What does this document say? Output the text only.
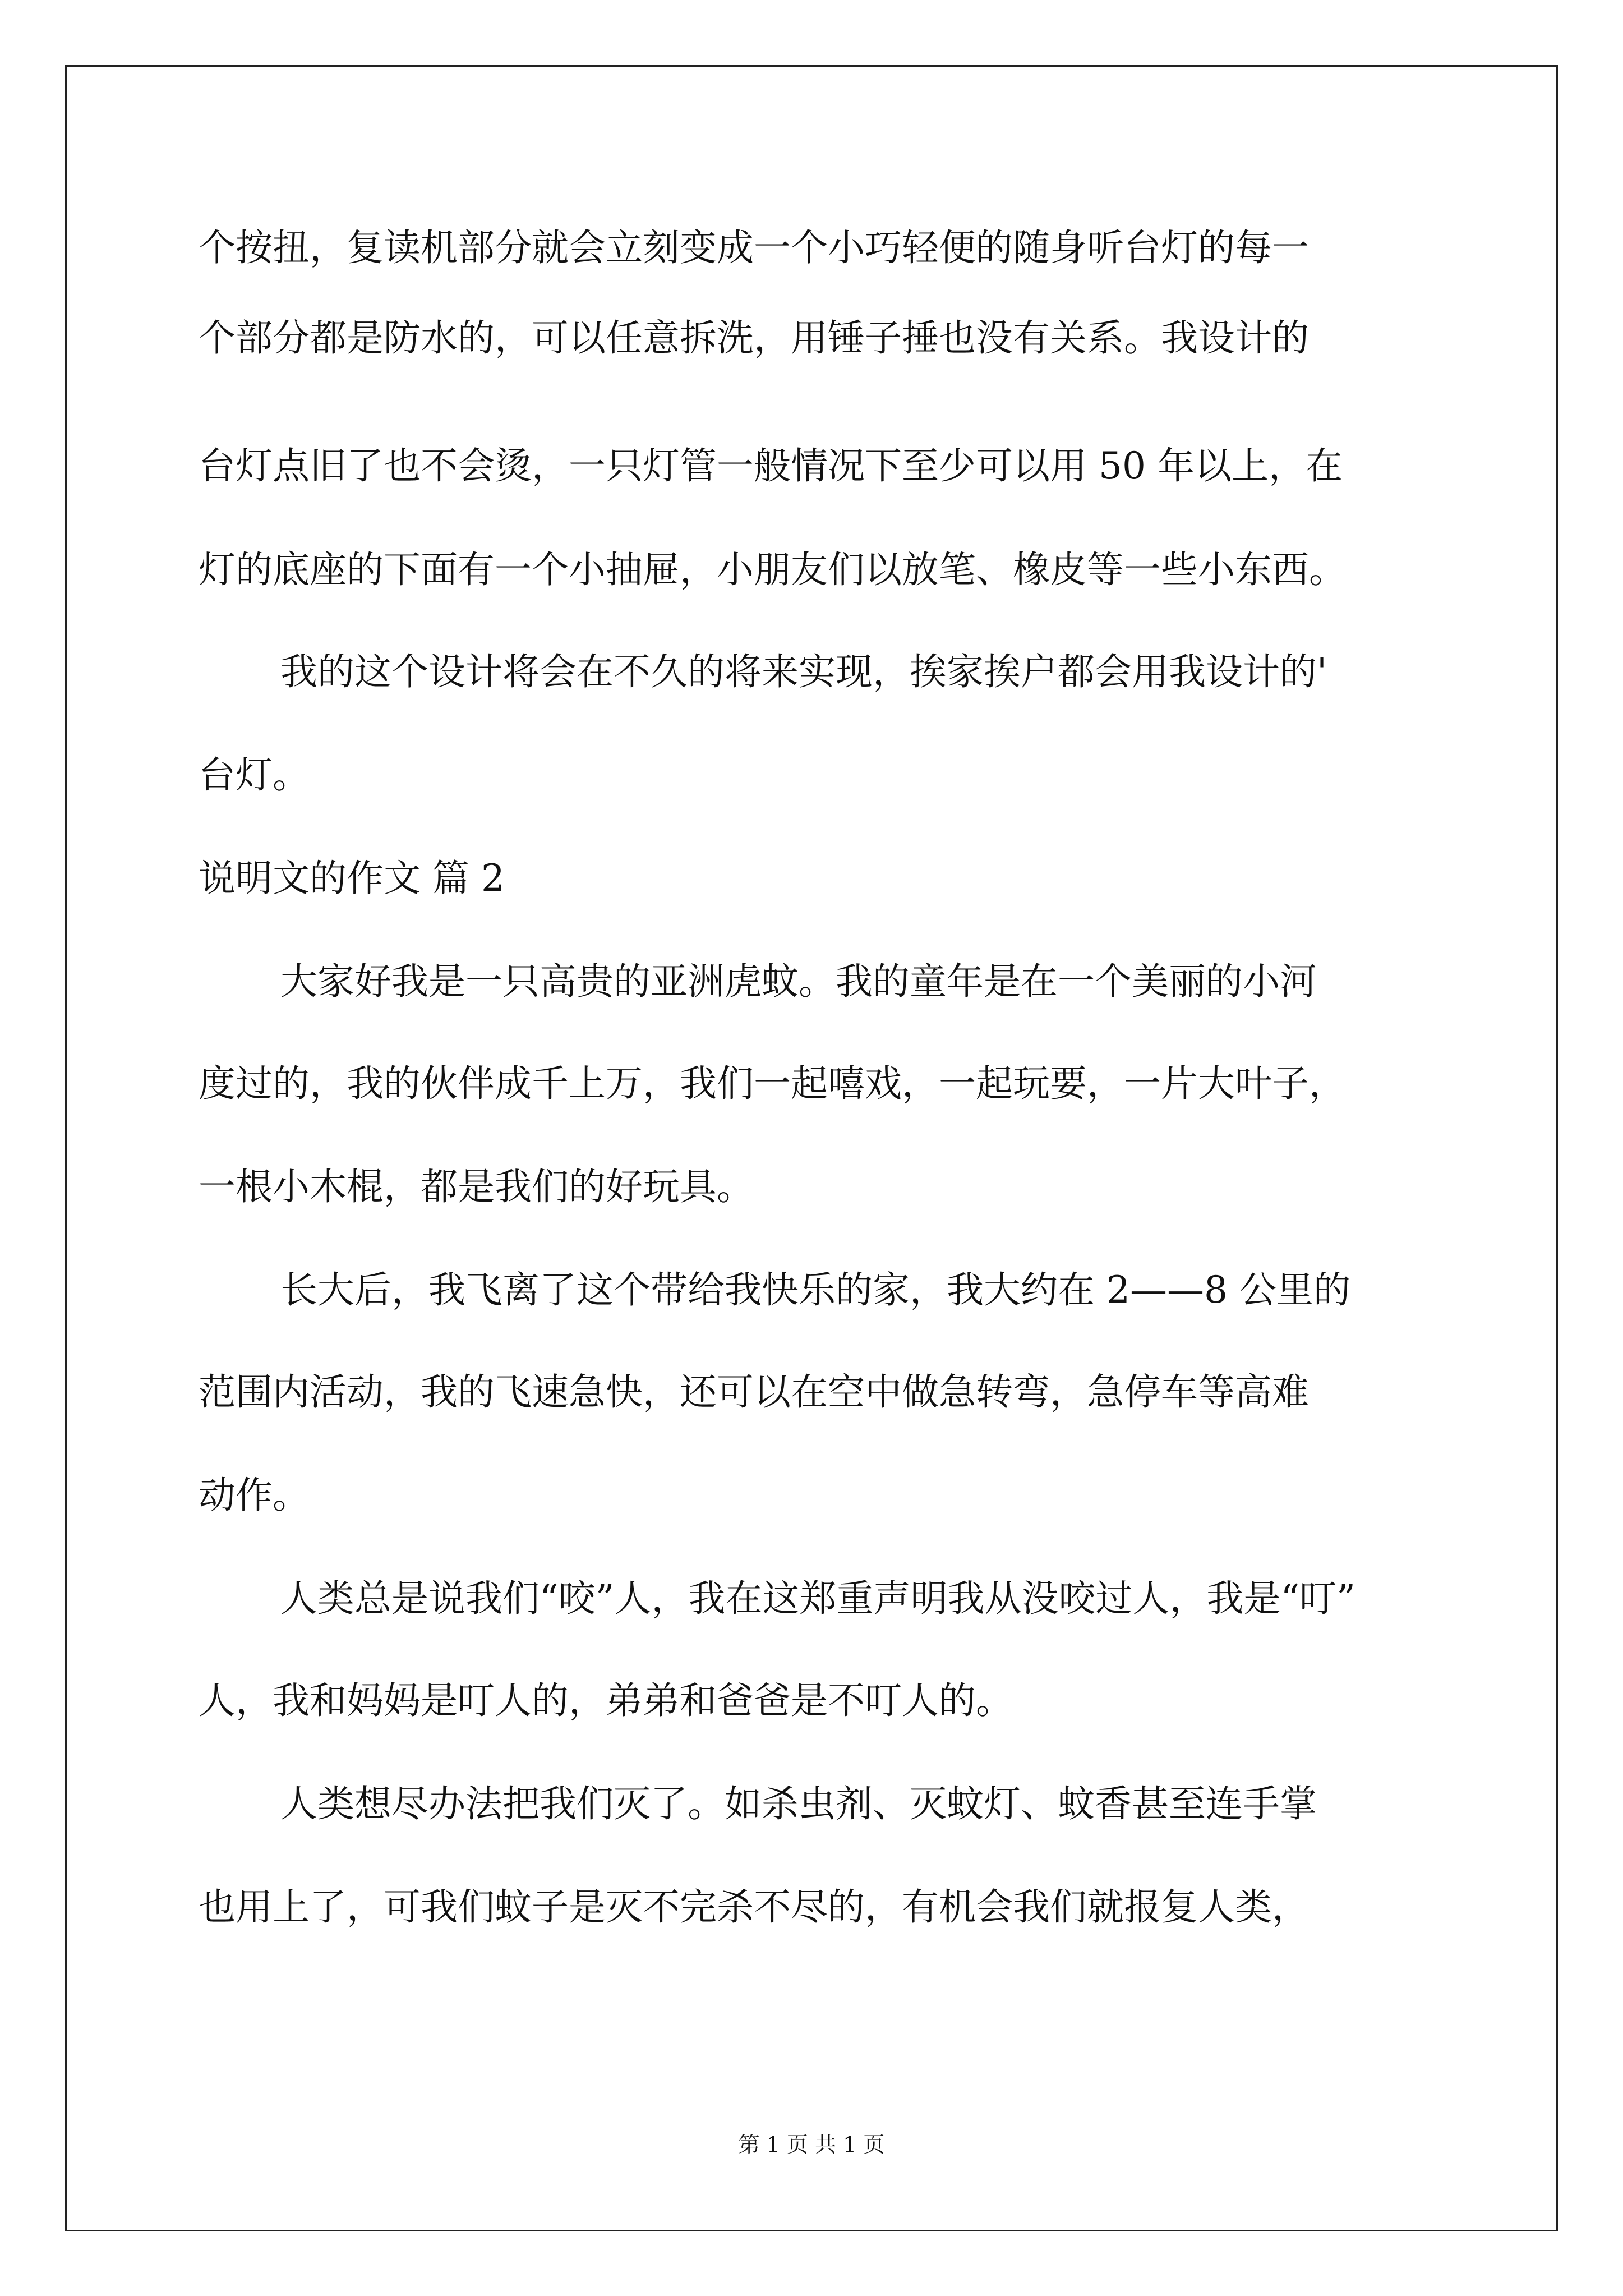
个按扭，复读机部分就会立刻变成一个小巧轻便的随身听台灯的每一
个部分都是防水的，可以任意拆洗，用锤子捶也没有关系。我设计的
台灯点旧了也不会烫，一只灯管一般情况下至少可以用 50 年以上，在
灯的底座的下面有一个小抽屉，小朋友们以放笔、橡皮等一些小东西。
我的这个设计将会在不久的将来实现，挨家挨户都会用我设计的'
台灯。
说明文的作文 篇 2
大家好我是一只高贵的亚洲虎蚊。我的童年是在一个美丽的小河
度过的，我的伙伴成千上万，我们一起嘻戏，一起玩要，一片大叶子，
一根小木棍，都是我们的好玩具。
长大后，我飞离了这个带给我快乐的家，我大约在 2——8 公里的
范围内活动，我的飞速急快，还可以在空中做急转弯，急停车等高难
动作。
人类总是说我们“咬”人，我在这郑重声明我从没咬过人，我是“叮”
人，我和妈妈是叮人的，弟弟和爸爸是不叮人的。
人类想尽办法把我们灭了。如杀虫剂、灭蚊灯、蚊香甚至连手掌
也用上了，可我们蚊子是灭不完杀不尽的，有机会我们就报复人类，
第 1 页 共 1 页
